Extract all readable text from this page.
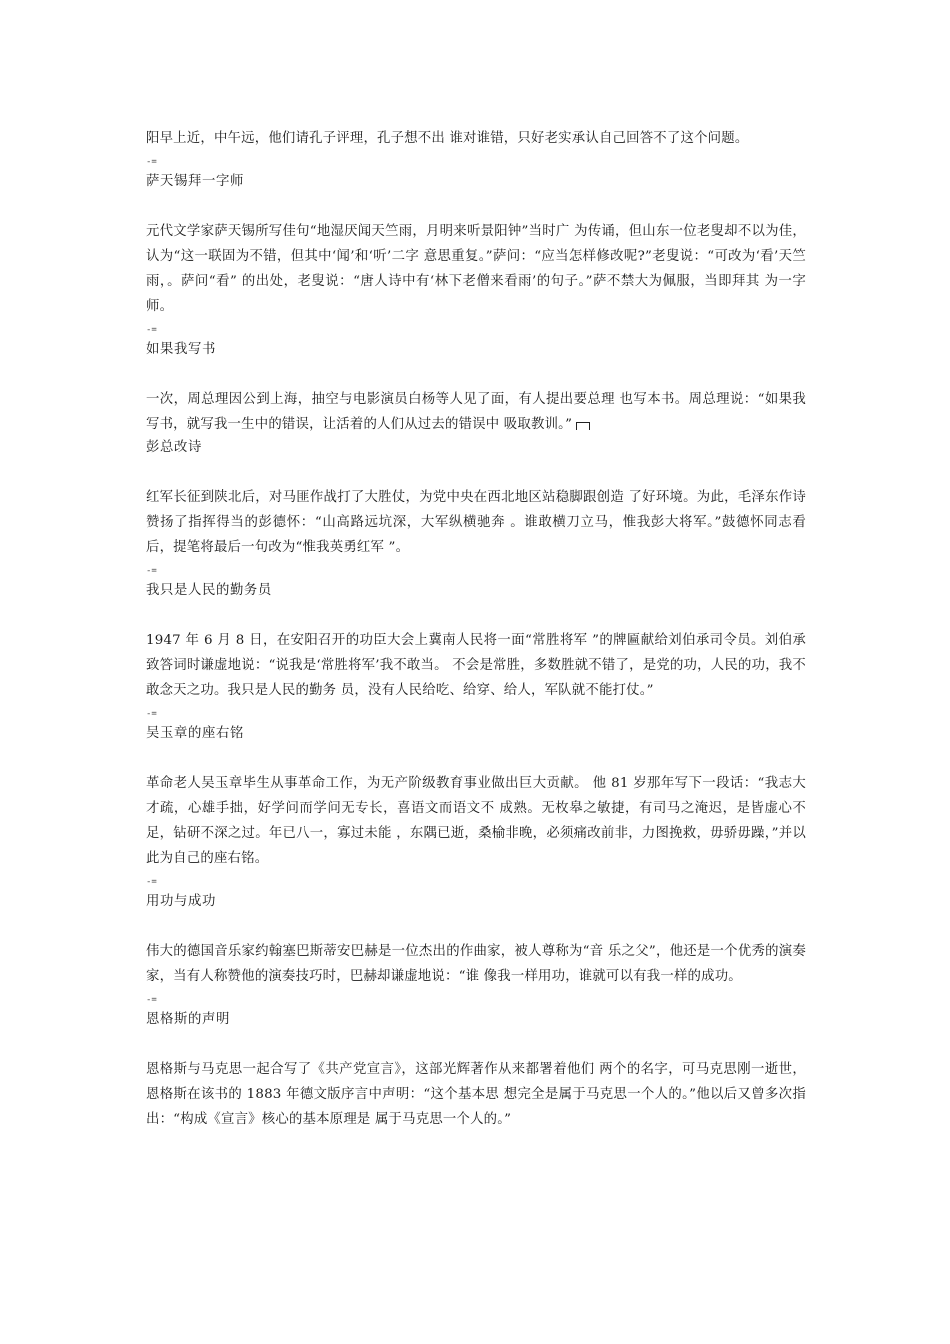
阳早上近，中午远，他们请孔子评理，孔子想不出 谁对谁错，只好老实承认自己回答不了这个问题。

-=
萨天锡拜一字师

元代文学家萨天锡所写佳句“地湿厌闻天竺雨，月明来听景阳钟”当时广 为传诵，但山东一位老叟却不以为佳，认为“这一联固为不错，但其中‘闻’和‘听’二字 意思重复。”萨问：“应当怎样修改呢?”老叟说：“可改为‘看’天竺雨，。萨问“看” 的出处，老叟说：“唐人诗中有‘林下老僧来看雨’的句子。”萨不禁大为佩服，当即拜其 为一字师。

-=
如果我写书

一次，周总理因公到上海，抽空与电影演员白杨等人见了面，有人提出要总理 也写本书。周总理说：“如果我写书，就写我一生中的错误，让活着的人们从过去的错误中 吸取教训。”

彭总改诗

红军长征到陕北后，对马匪作战打了大胜仗，为党中央在西北地区站稳脚跟创造 了好环境。为此，毛泽东作诗赞扬了指挥得当的彭德怀：“山高路远坑深，大军纵横驰奔 。谁敢横刀立马，惟我彭大将军。”鼓德怀同志看后，提笔将最后一句改为“惟我英勇红军 ”。

-=
我只是人民的勤务员

1947 年 6 月 8 日，在安阳召开的功臣大会上冀南人民将一面“常胜将军 ”的牌匾献给刘伯承司令员。刘伯承致答词时谦虚地说：“说我是‘常胜将军’我不敢当。 不会是常胜，多数胜就不错了，是党的功，人民的功，我不敢念天之功。我只是人民的勤务 员，没有人民给吃、给穿、给人，军队就不能打仗。”

-=
吴玉章的座右铭

革命老人吴玉章毕生从事革命工作，为无产阶级教育事业做出巨大贡献。 他 81 岁那年写下一段话：“我志大才疏，心雄手拙，好学问而学问无专长，喜语文而语文不 成熟。无枚皋之敏捷，有司马之淹迟，是皆虚心不足，钻研不深之过。年已八一，寡过未能 ，东隅已逝，桑榆非晚，必须痛改前非，力图挽救，毋骄毋躁，”并以此为自己的座右铭。

-=
用功与成功

伟大的德国音乐家约翰塞巴斯蒂安巴赫是一位杰出的作曲家，被人尊称为“音 乐之父”，他还是一个优秀的演奏家，当有人称赞他的演奏技巧时，巴赫却谦虚地说：“谁 像我一样用功，谁就可以有我一样的成功。

-=
恩格斯的声明

恩格斯与马克思一起合写了《共产党宣言》，这部光辉著作从来都署着他们 两个的名字，可马克思刚一逝世，恩格斯在该书的 1883 年德文版序言中声明：“这个基本思 想完全是属于马克思一个人的。”他以后又曾多次指出：“构成《宣言》核心的基本原理是 属于马克思一个人的。”
